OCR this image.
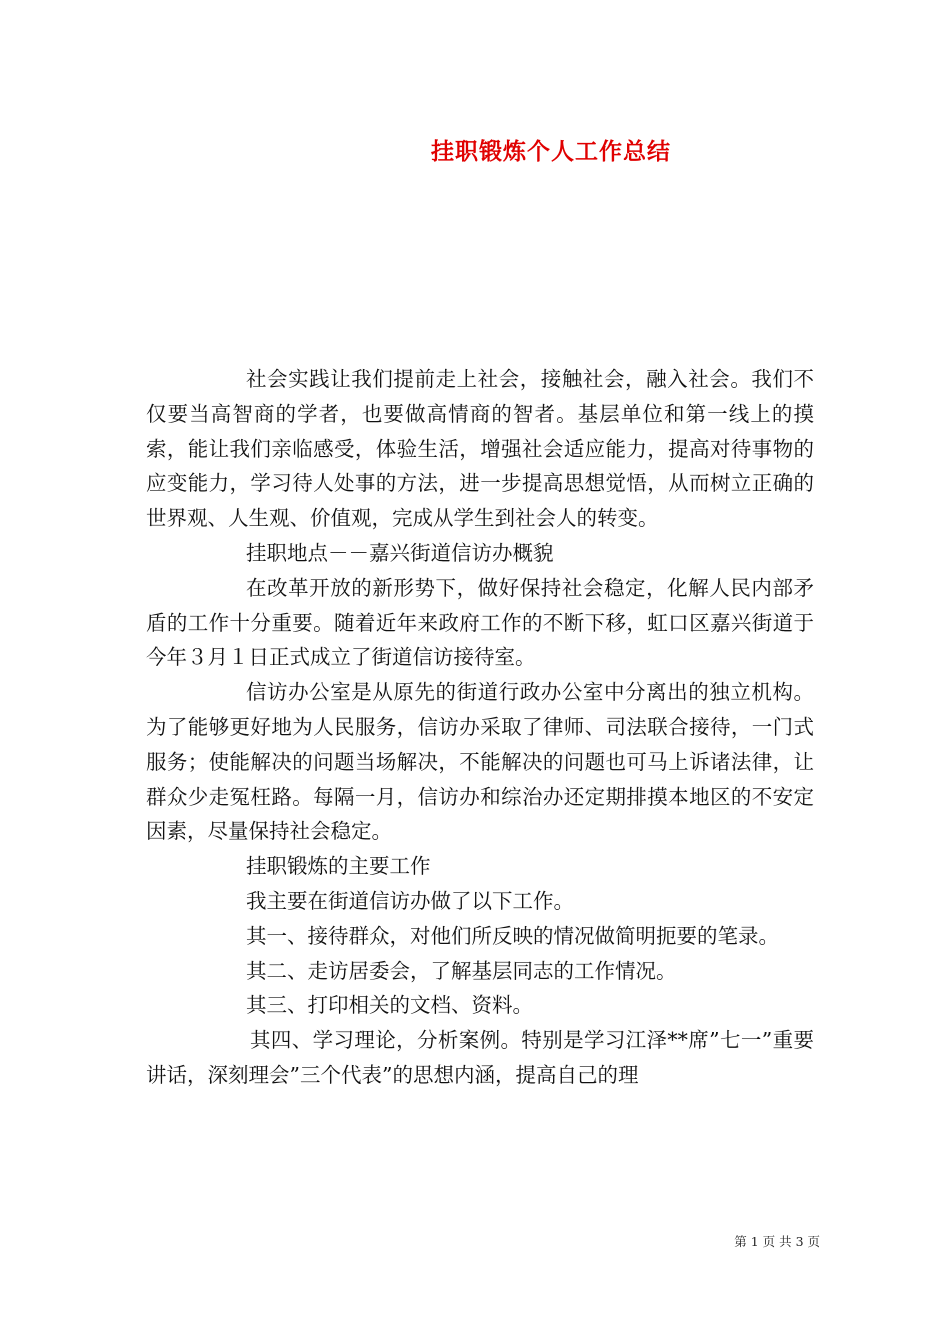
挂职锻炼个人工作总结

社会实践让我们提前走上社会，接触社会，融入社会。我们不仅要当高智商的学者，也要做高情商的智者。基层单位和第一线上的摸索，能让我们亲临感受，体验生活，增强社会适应能力，提高对待事物的应变能力，学习待人处事的方法，进一步提高思想觉悟，从而树立正确的世界观、人生观、价值观，完成从学生到社会人的转变。

挂职地点－－嘉兴街道信访办概貌

在改革开放的新形势下，做好保持社会稳定，化解人民内部矛盾的工作十分重要。随着近年来政府工作的不断下移，虹口区嘉兴街道于今年３月１日正式成立了街道信访接待室。

信访办公室是从原先的街道行政办公室中分离出的独立机构。为了能够更好地为人民服务，信访办采取了律师、司法联合接待，一门式服务；使能解决的问题当场解决，不能解决的问题也可马上诉诸法律，让群众少走冤枉路。每隔一月，信访办和综治办还定期排摸本地区的不安定因素，尽量保持社会稳定。

挂职锻炼的主要工作

我主要在街道信访办做了以下工作。

其一、接待群众，对他们所反映的情况做简明扼要的笔录。

其二、走访居委会，了解基层同志的工作情况。

其三、打印相关的文档、资料。

其四、学习理论，分析案例。特别是学习江泽**席”七一”重要讲话，深刻理会”三个代表”的思想内涵，提高自己的理

第 1 页 共 3 页
